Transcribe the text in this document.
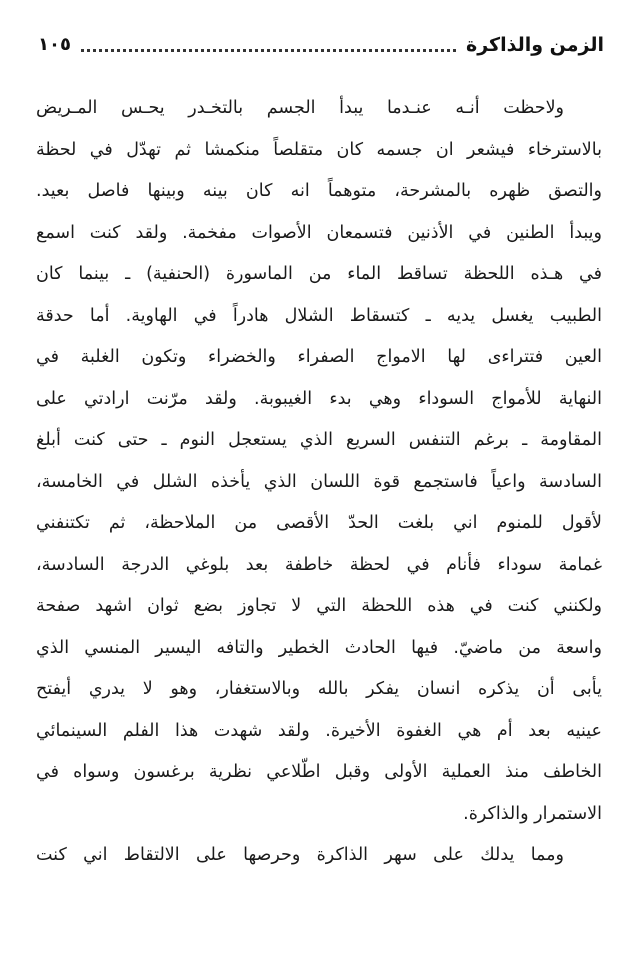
الزمن والذاكرة
١٠٥
ولاحظت أنـه عنـدما يبدأ الجسم بالتخـدر يحـس المـريض
بالاسترخاء فيشعر ان جسمه كان متقلصاً منكمشا ثم تهدّل في لحظة
والتصق ظهره بالمشرحة، متوهماً انه كان بينه وبينها فاصل بعيد.
ويبدأ الطنين في الأذنين فتسمعان الأصوات مفخمة. ولقد كنت اسمع
في هـذه اللحظة تساقط الماء من الماسورة (الحنفية) ـ بينما كان
الطبيب يغسل يديه ـ كتسقاط الشلال هادراً في الهاوية. أما حدقة
العين فتتراءى لها الامواج الصفراء والخضراء وتكون الغلبة في
النهاية للأمواج السوداء وهي بدء الغيبوبة. ولقد مرّنت ارادتي على
المقاومة ـ برغم التنفس السريع الذي يستعجل النوم ـ حتى كنت أبلغ
السادسة واعياً فاستجمع قوة اللسان الذي يأخذه الشلل في الخامسة،
لأقول للمنوم اني بلغت الحدّ الأقصى من الملاحظة، ثم تكتنفني
غمامة سوداء فأنام في لحظة خاطفة بعد بلوغي الدرجة السادسة،
ولكنني كنت في هذه اللحظة التي لا تجاوز بضع ثوان اشهد صفحة
واسعة من ماضيّ. فيها الحادث الخطير والتافه اليسير المنسي الذي
يأبى أن يذكره انسان يفكر بالله وبالاستغفار، وهو لا يدري أيفتح
عينيه بعد أم هي الغفوة الأخيرة. ولقد شهدت هذا الفلم السينمائي
الخاطف منذ العملية الأولى وقبل اطّلاعي نظرية برغسون وسواه في
الاستمرار والذاكرة.
ومما يدلك على سهر الذاكرة وحرصها على الالتقاط اني كنت
